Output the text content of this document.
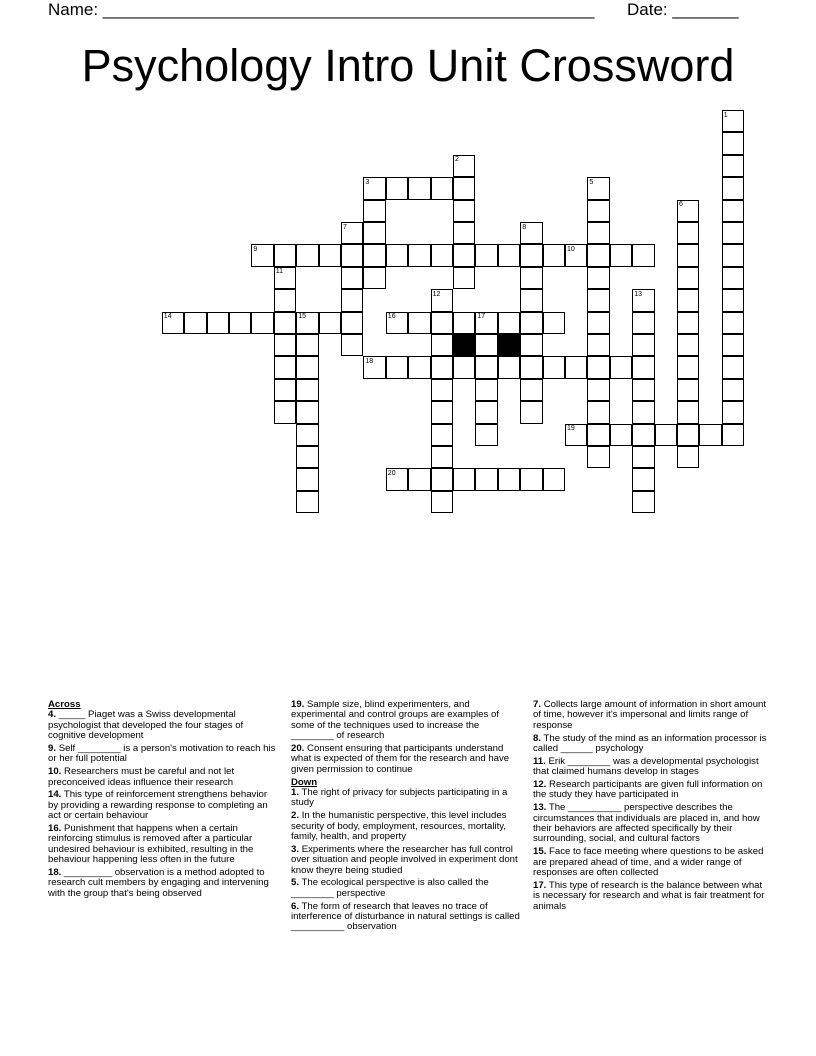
Name: ____________________________________________________ Date: _______
Psychology Intro Unit Crossword
3
9	10
14	16
18
19
20
1
2
5
6
7	8
11
12	13
15	17
Across
4. _____ Piaget was a Swiss developmental psychologist that developed the four stages of cognitive development
9. Self ________ is a person's motivation to reach his or her full potential
10. Researchers must be careful and not let preconceived ideas influence their research
14. This type of reinforcement strengthens behavior by providing a rewarding response to completing an act or certain behaviour
16. Punishment that happens when a certain reinforcing stimulus is removed after a particular undesired behaviour is exhibited, resulting in the behaviour happening less often in the future
18. _________ observation is a method adopted to research cult members by engaging and intervening with the group that's being observed
19. Sample size, blind experimenters, and experimental and control groups are examples of some of the techniques used to increase the ________ of research
20. Consent ensuring that participants understand what is expected of them for the research and have given permission to continue
Down
1. The right of privacy for subjects participating in a study
2. In the humanistic perspective, this level includes security of body, employment, resources, mortality, family, health, and property
3. Experiments where the researcher has full control over situation and people involved in experiment dont know theyre being studied
5. The ecological perspective is also called the ________ perspective
6. The form of research that leaves no trace of interference of disturbance in natural settings is called __________ observation
7. Collects large amount of information in short amount of time, however it's impersonal and limits range of response
8. The study of the mind as an information processor is called ______ psychology
11. Erik ________ was a developmental psychologist that claimed humans develop in stages
12. Research participants are given full information on the study they have participated in
13. The __________ perspective describes the circumstances that individuals are placed in, and how their behaviors are affected specifically by their surrounding, social, and cultural factors
15. Face to face meeting where questions to be asked are prepared ahead of time, and a wider range of responses are often collected
17. This type of research is the balance between what is necessary for research and what is fair treatment for animals
